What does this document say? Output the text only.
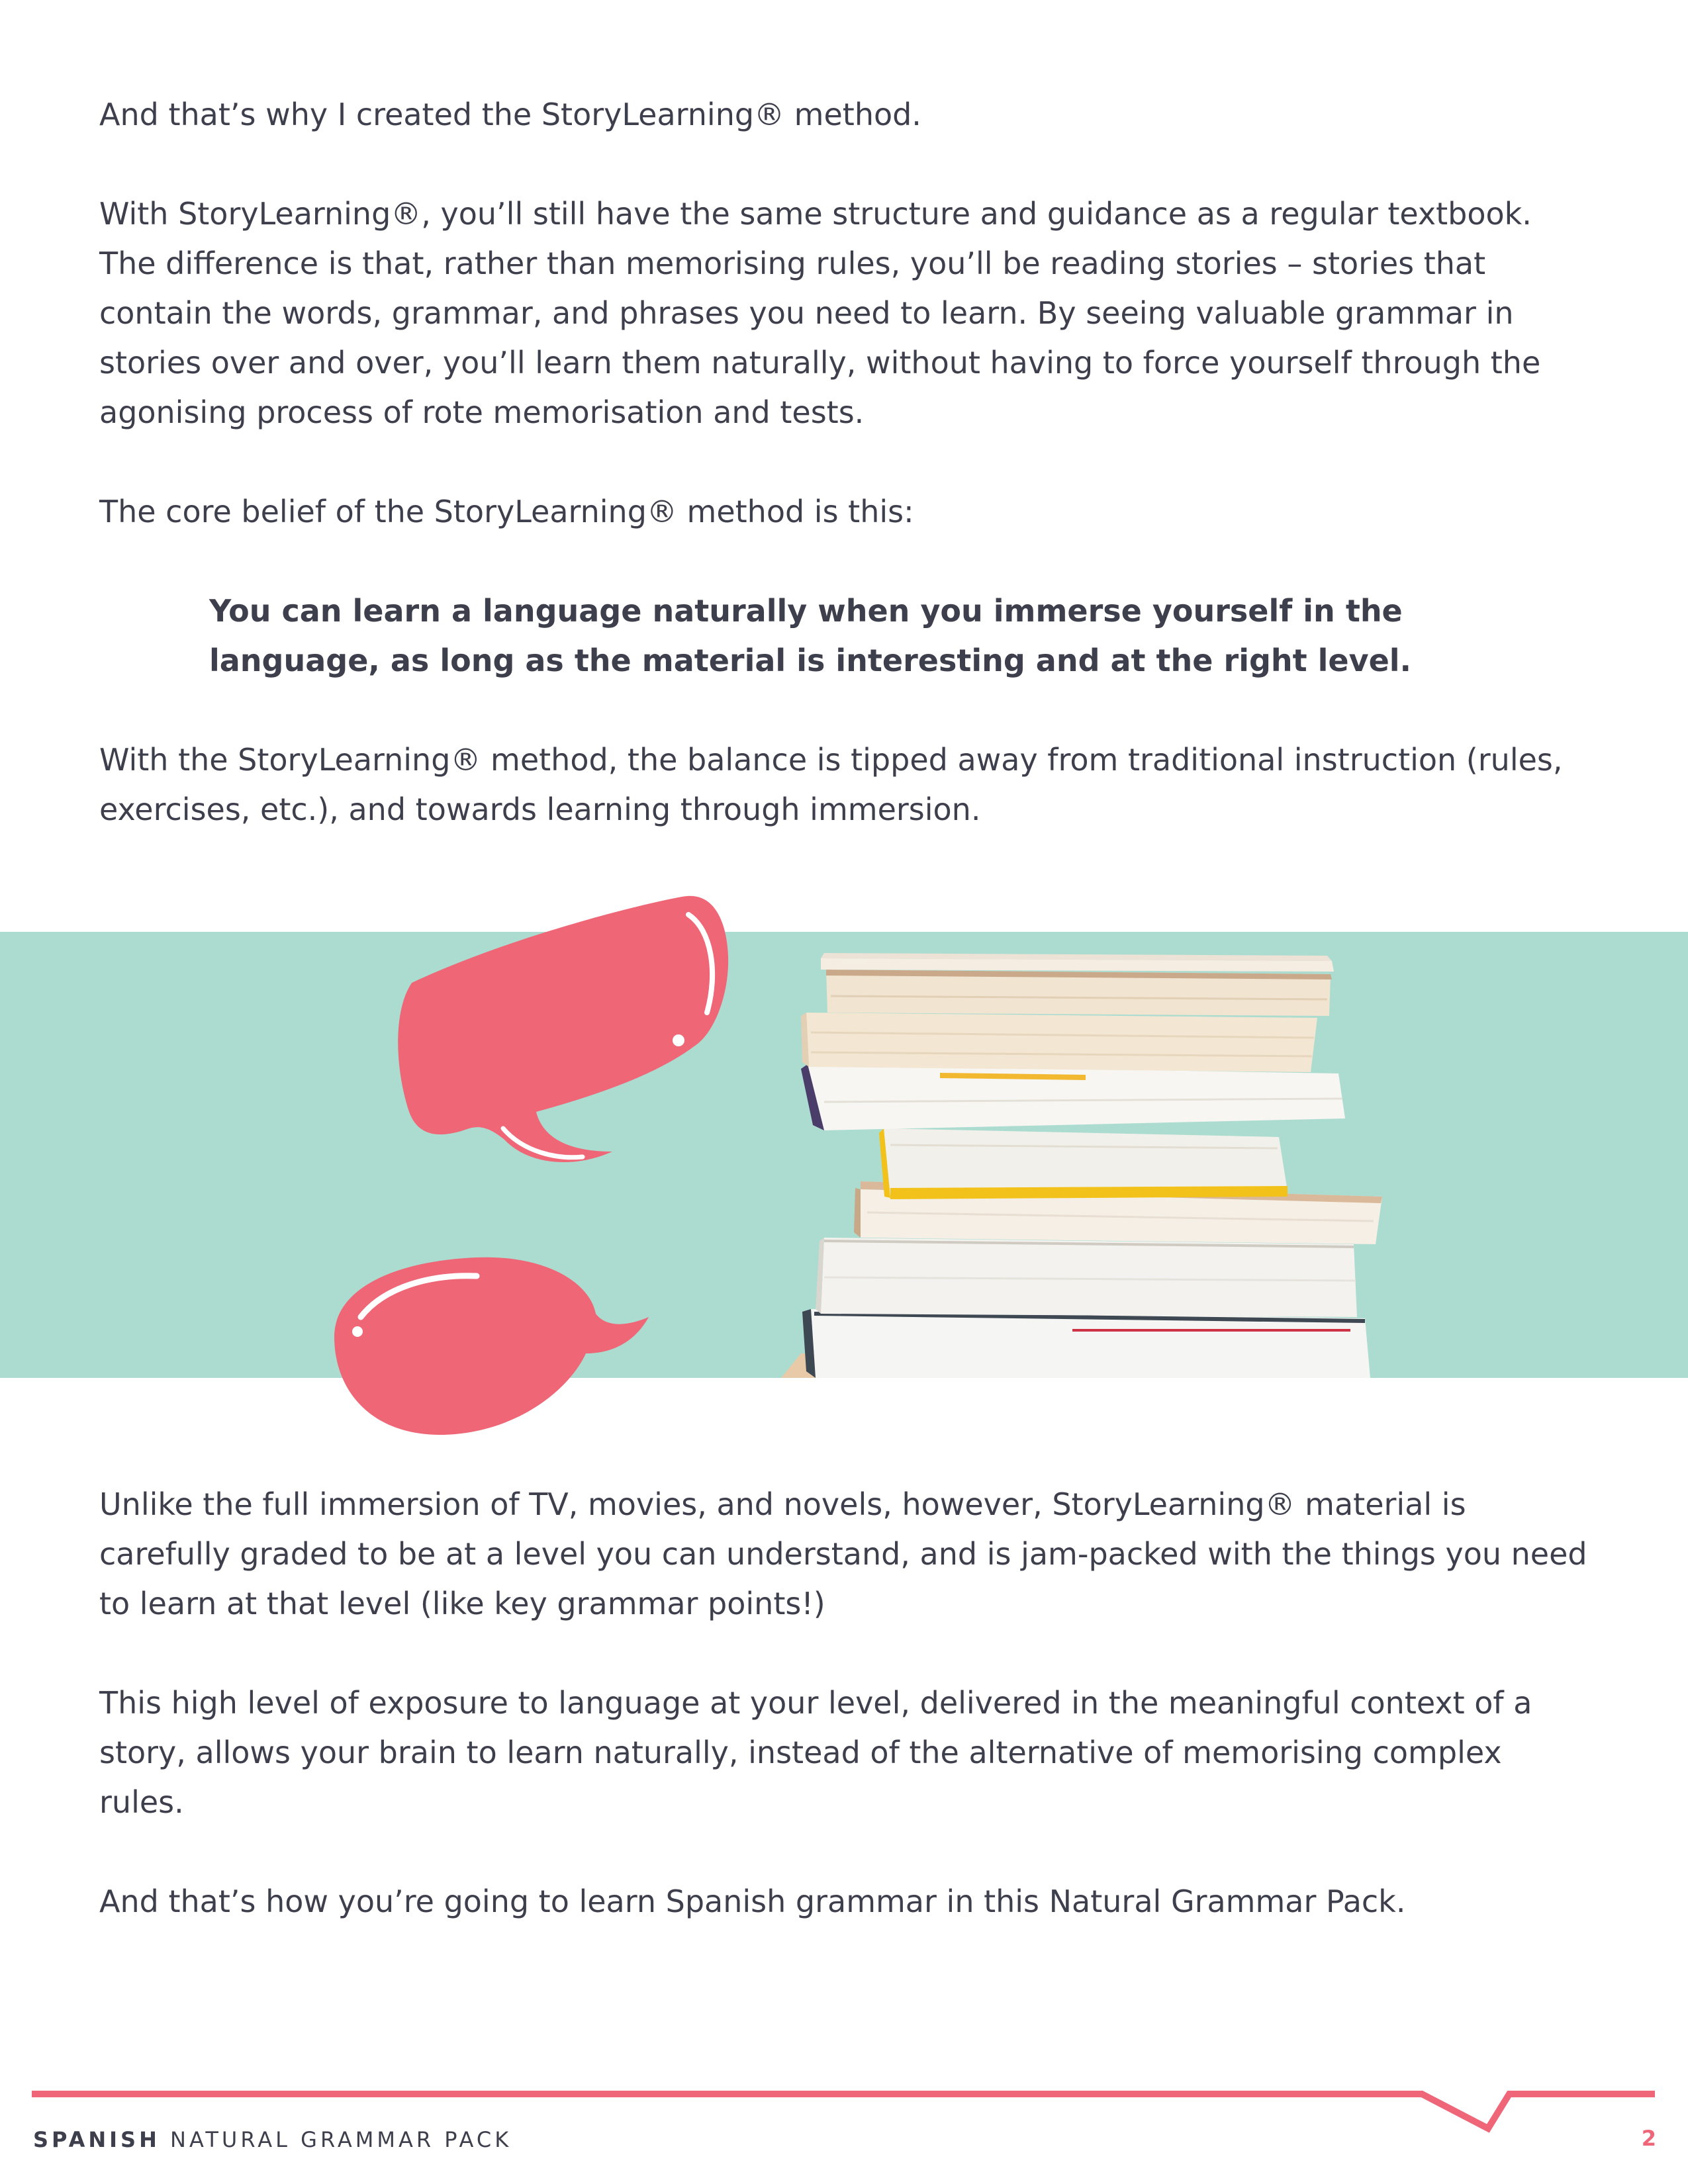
And that’s why I created the StoryLearning® method.

With StoryLearning®, you’ll still have the same structure and guidance as a regular textbook. The difference is that, rather than memorising rules, you’ll be reading stories – stories that contain the words, grammar, and phrases you need to learn. By seeing valuable grammar in stories over and over, you’ll learn them naturally, without having to force yourself through the agonising process of rote memorisation and tests.

The core belief of the StoryLearning® method is this:

You can learn a language naturally when you immerse yourself in the language, as long as the material is interesting and at the right level.

With the StoryLearning® method, the balance is tipped away from traditional instruction (rules, exercises, etc.), and towards learning through immersion.

Unlike the full immersion of TV, movies, and novels, however, StoryLearning® material is carefully graded to be at a level you can understand, and is jam-packed with the things you need to learn at that level (like key grammar points!)

This high level of exposure to language at your level, delivered in the meaningful context of a story, allows your brain to learn naturally, instead of the alternative of memorising complex rules.

And that’s how you’re going to learn Spanish grammar in this Natural Grammar Pack.

SPANISH NATURAL GRAMMAR PACK	2
